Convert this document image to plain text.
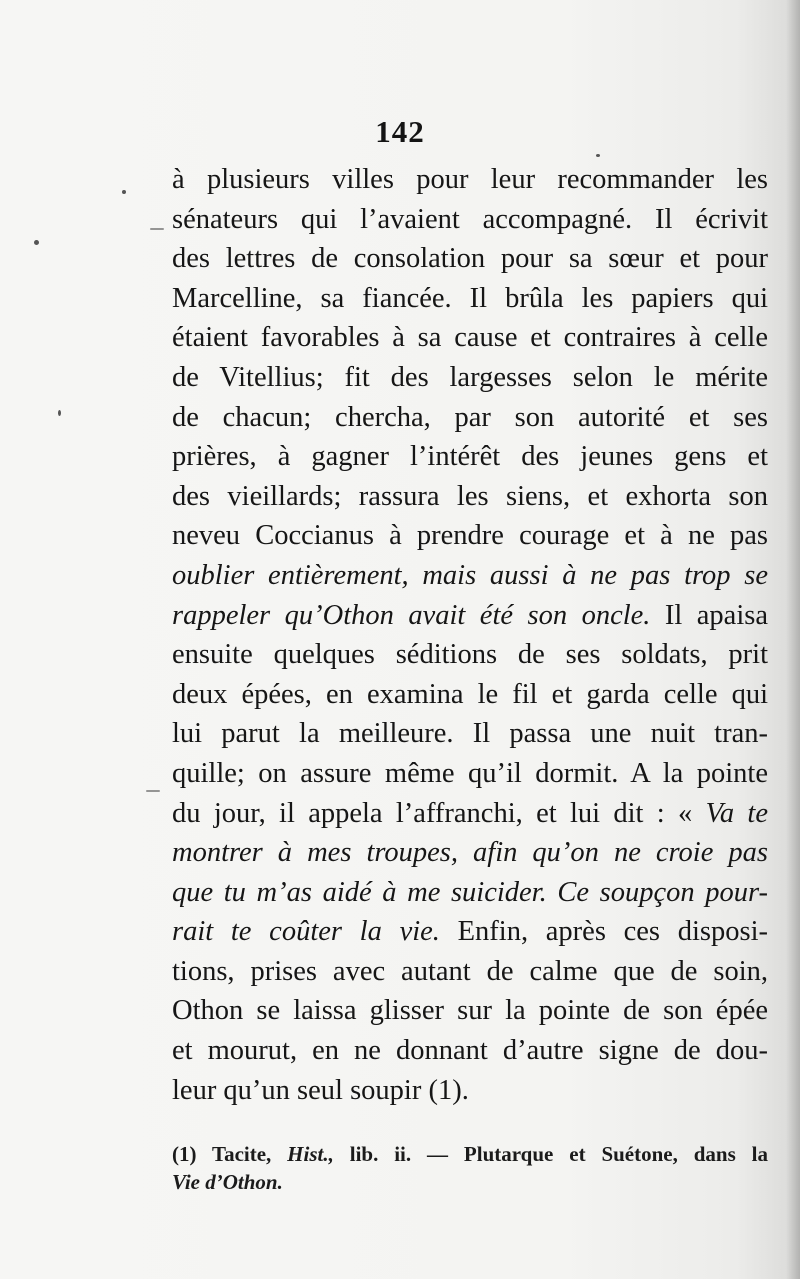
142
à plusieurs villes pour leur recommander les
sénateurs qui l’avaient accompagné. Il écrivit
des lettres de consolation pour sa sœur et pour
Marcelline, sa fiancée. Il brûla les papiers qui
étaient favorables à sa cause et contraires à celle
de Vitellius; fit des largesses selon le mérite
de chacun; chercha, par son autorité et ses
prières, à gagner l’intérêt des jeunes gens et
des vieillards; rassura les siens, et exhorta son
neveu Coccianus à prendre courage et à ne pas
oublier entièrement, mais aussi à ne pas trop se
rappeler qu’Othon avait été son oncle. Il apaisa
ensuite quelques séditions de ses soldats, prit
deux épées, en examina le fil et garda celle qui
lui parut la meilleure. Il passa une nuit tran-
quille; on assure même qu’il dormit. A la pointe
du jour, il appela l’affranchi, et lui dit : « Va te
montrer à mes troupes, afin qu’on ne croie pas
que tu m’as aidé à me suicider. Ce soupçon pour-
rait te coûter la vie. Enfin, après ces disposi-
tions, prises avec autant de calme que de soin,
Othon se laissa glisser sur la pointe de son épée
et mourut, en ne donnant d’autre signe de dou-
leur qu’un seul soupir (1).
(1) Tacite, Hist., lib. ii. — Plutarque et Suétone, dans la
Vie d’Othon.
